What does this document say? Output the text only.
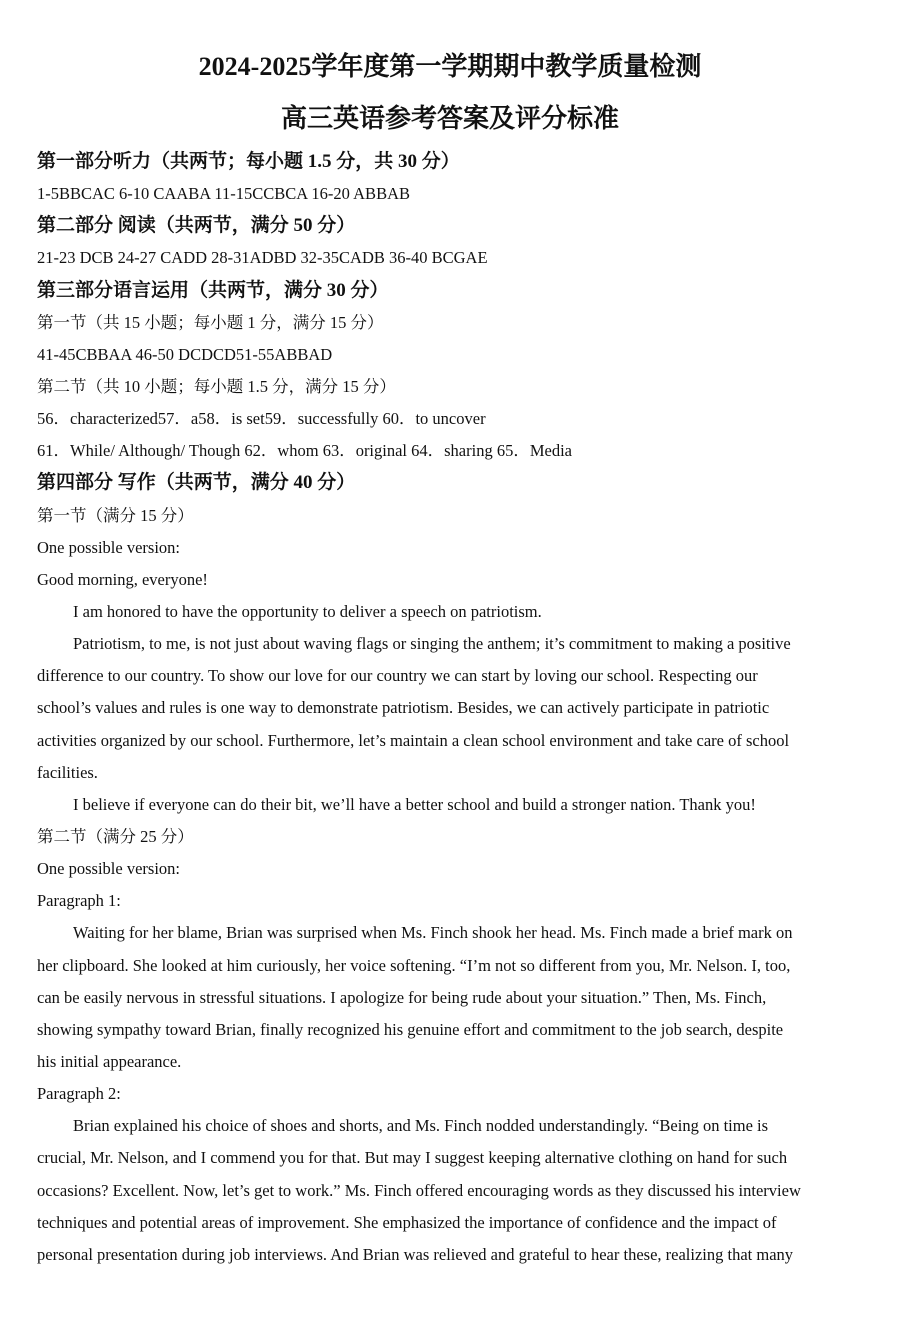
2024-2025学年度第一学期期中教学质量检测
高三英语参考答案及评分标准

第一部分听力（共两节；每小题 1.5 分，共 30 分）

1-5BBCAC 6-10 CAABA 11-15CCBCA 16-20 ABBAB

第二部分 阅读（共两节，满分 50 分）

21-23 DCB 24-27 CADD 28-31ADBD 32-35CADB 36-40 BCGAE

第三部分语言运用（共两节，满分 30 分）

第一节（共 15 小题；每小题 1 分，满分 15 分）

41-45CBBAA 46-50 DCDCD51-55ABBAD

第二节（共 10 小题；每小题 1.5 分，满分 15 分）

56．characterized57．a58．is set59．successfully 60．to uncover

61．While/ Although/ Though 62．whom 63．original 64．sharing 65．Media

第四部分 写作（共两节，满分 40 分）

第一节（满分 15 分）

One possible version:

Good morning, everyone!

I am honored to have the opportunity to deliver a speech on patriotism.

Patriotism, to me, is not just about waving flags or singing the anthem; it’s commitment to making a positive

difference to our country. To show our love for our country we can start by loving our school. Respecting our

school’s values and rules is one way to demonstrate patriotism. Besides, we can actively participate in patriotic

activities organized by our school. Furthermore, let’s maintain a clean school environment and take care of school

facilities.

I believe if everyone can do their bit, we’ll have a better school and build a stronger nation. Thank you!

第二节（满分 25 分）

One possible version:

Paragraph 1:

Waiting for her blame, Brian was surprised when Ms. Finch shook her head. Ms. Finch made a brief mark on

her clipboard. She looked at him curiously, her voice softening. “I’m not so different from you, Mr. Nelson. I, too,

can be easily nervous in stressful situations. I apologize for being rude about your situation.” Then, Ms. Finch,

showing sympathy toward Brian, finally recognized his genuine effort and commitment to the job search, despite

his initial appearance.

Paragraph 2:

Brian explained his choice of shoes and shorts, and Ms. Finch nodded understandingly. “Being on time is

crucial, Mr. Nelson, and I commend you for that. But may I suggest keeping alternative clothing on hand for such

occasions? Excellent. Now, let’s get to work.” Ms. Finch offered encouraging words as they discussed his interview

techniques and potential areas of improvement. She emphasized the importance of confidence and the impact of

personal presentation during job interviews. And Brian was relieved and grateful to hear these, realizing that many
